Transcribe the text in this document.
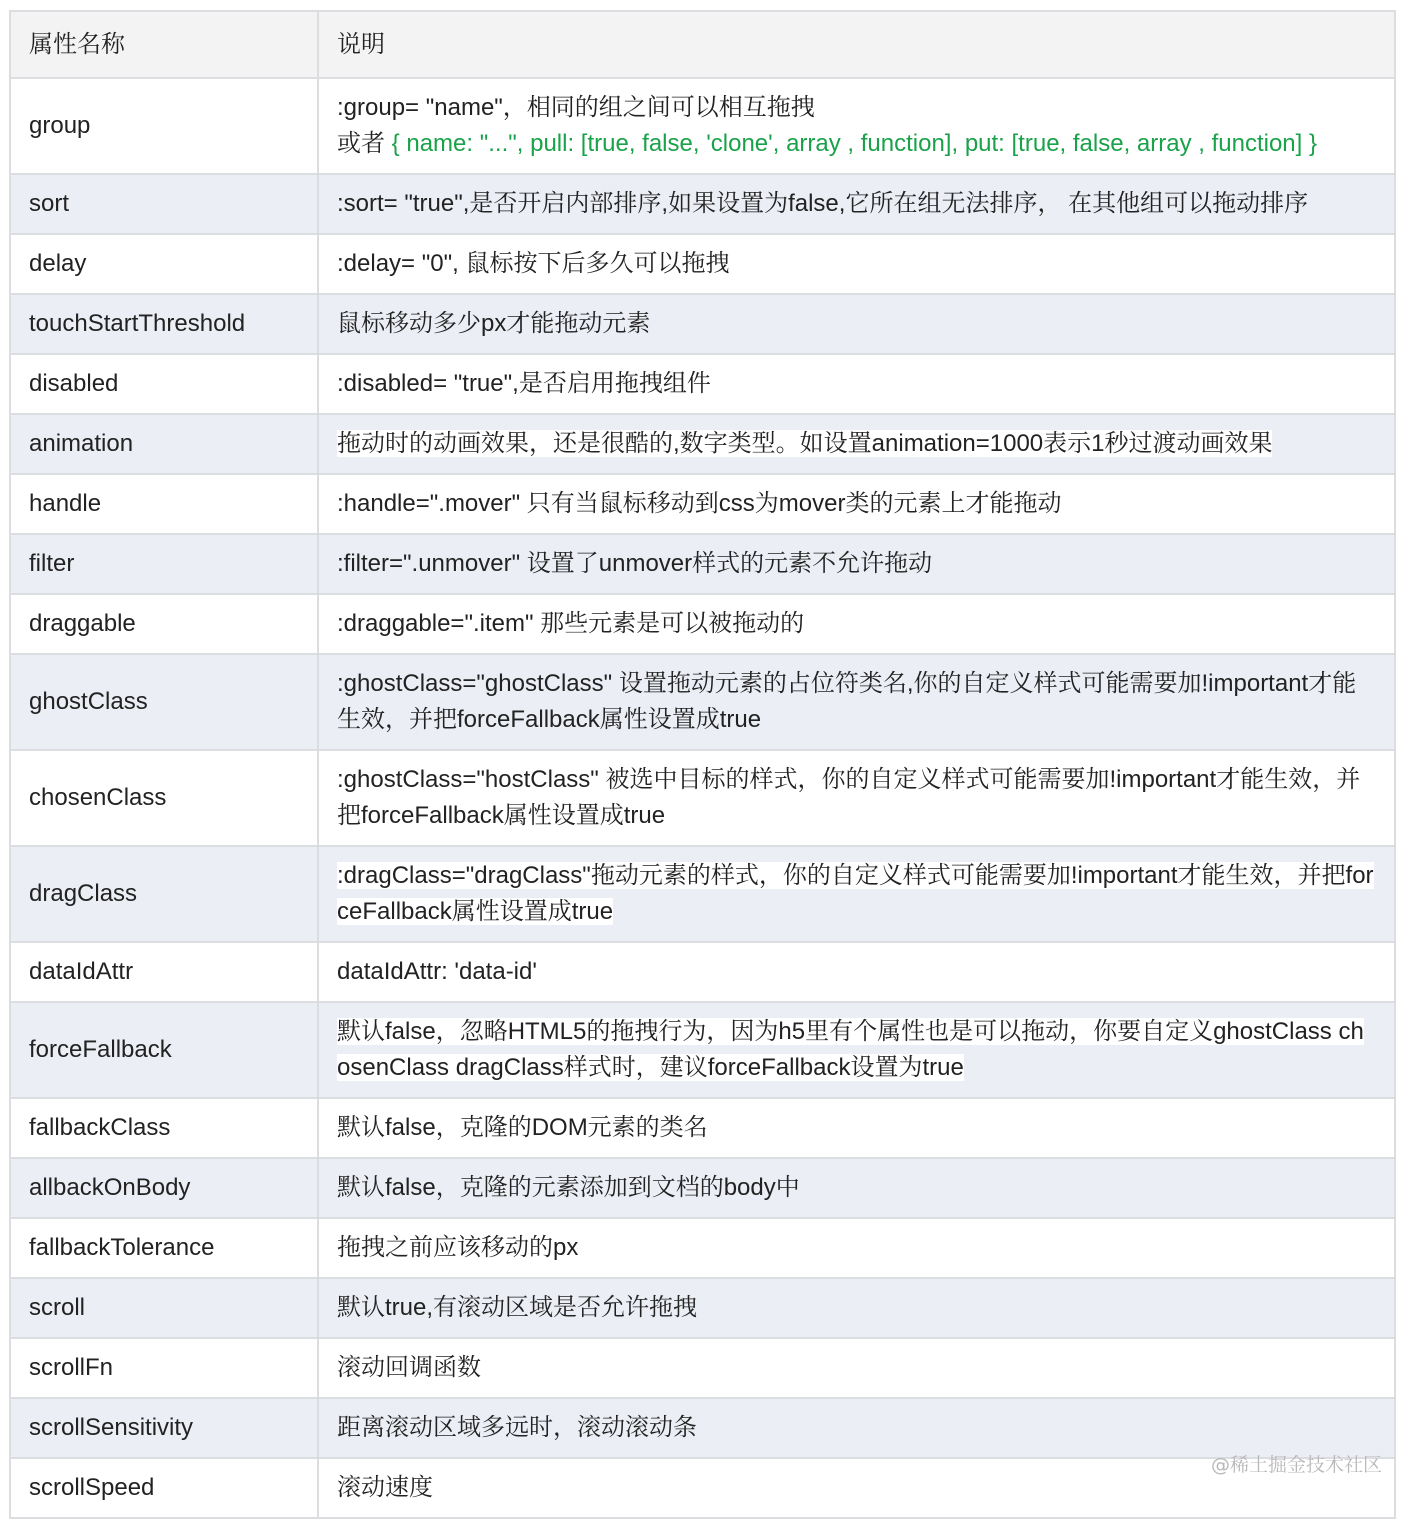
属性名称	说明
group	:group= "name"，相同的组之间可以相互拖拽
或者 { name: "...", pull: [true, false, 'clone', array , function], put: [true, false, array , function] }

sort	:sort= "true",是否开启内部排序,如果设置为false,它所在组无法排序， 在其他组可以拖动排序
delay	:delay= "0", 鼠标按下后多久可以拖拽
touchStartThreshold	鼠标移动多少px才能拖动元素
disabled	:disabled= "true",是否启用拖拽组件
animation	拖动时的动画效果，还是很酷的,数字类型。如设置animation=1000表示1秒过渡动画效果
handle	:handle=".mover" 只有当鼠标移动到css为mover类的元素上才能拖动
filter	:filter=".unmover" 设置了unmover样式的元素不允许拖动
draggable	:draggable=".item" 那些元素是可以被拖动的
ghostClass	:ghostClass="ghostClass" 设置拖动元素的占位符类名,你的自定义样式可能需要加!important才能生效，并把forceFallback属性设置成true
chosenClass	:ghostClass="hostClass" 被选中目标的样式，你的自定义样式可能需要加!important才能生效，并把forceFallback属性设置成true
dragClass	:dragClass="dragClass"拖动元素的样式，你的自定义样式可能需要加!important才能生效，并把forceFallback属性设置成true
dataIdAttr	dataIdAttr: 'data-id'
forceFallback	默认false，忽略HTML5的拖拽行为，因为h5里有个属性也是可以拖动，你要自定义ghostClass chosenClass dragClass样式时，建议forceFallback设置为true
fallbackClass	默认false，克隆的DOM元素的类名
allbackOnBody	默认false，克隆的元素添加到文档的body中
fallbackTolerance	拖拽之前应该移动的px
scroll	默认true,有滚动区域是否允许拖拽
scrollFn	滚动回调函数
scrollSensitivity	距离滚动区域多远时，滚动滚动条
scrollSpeed	滚动速度
@稀土掘金技术社区
